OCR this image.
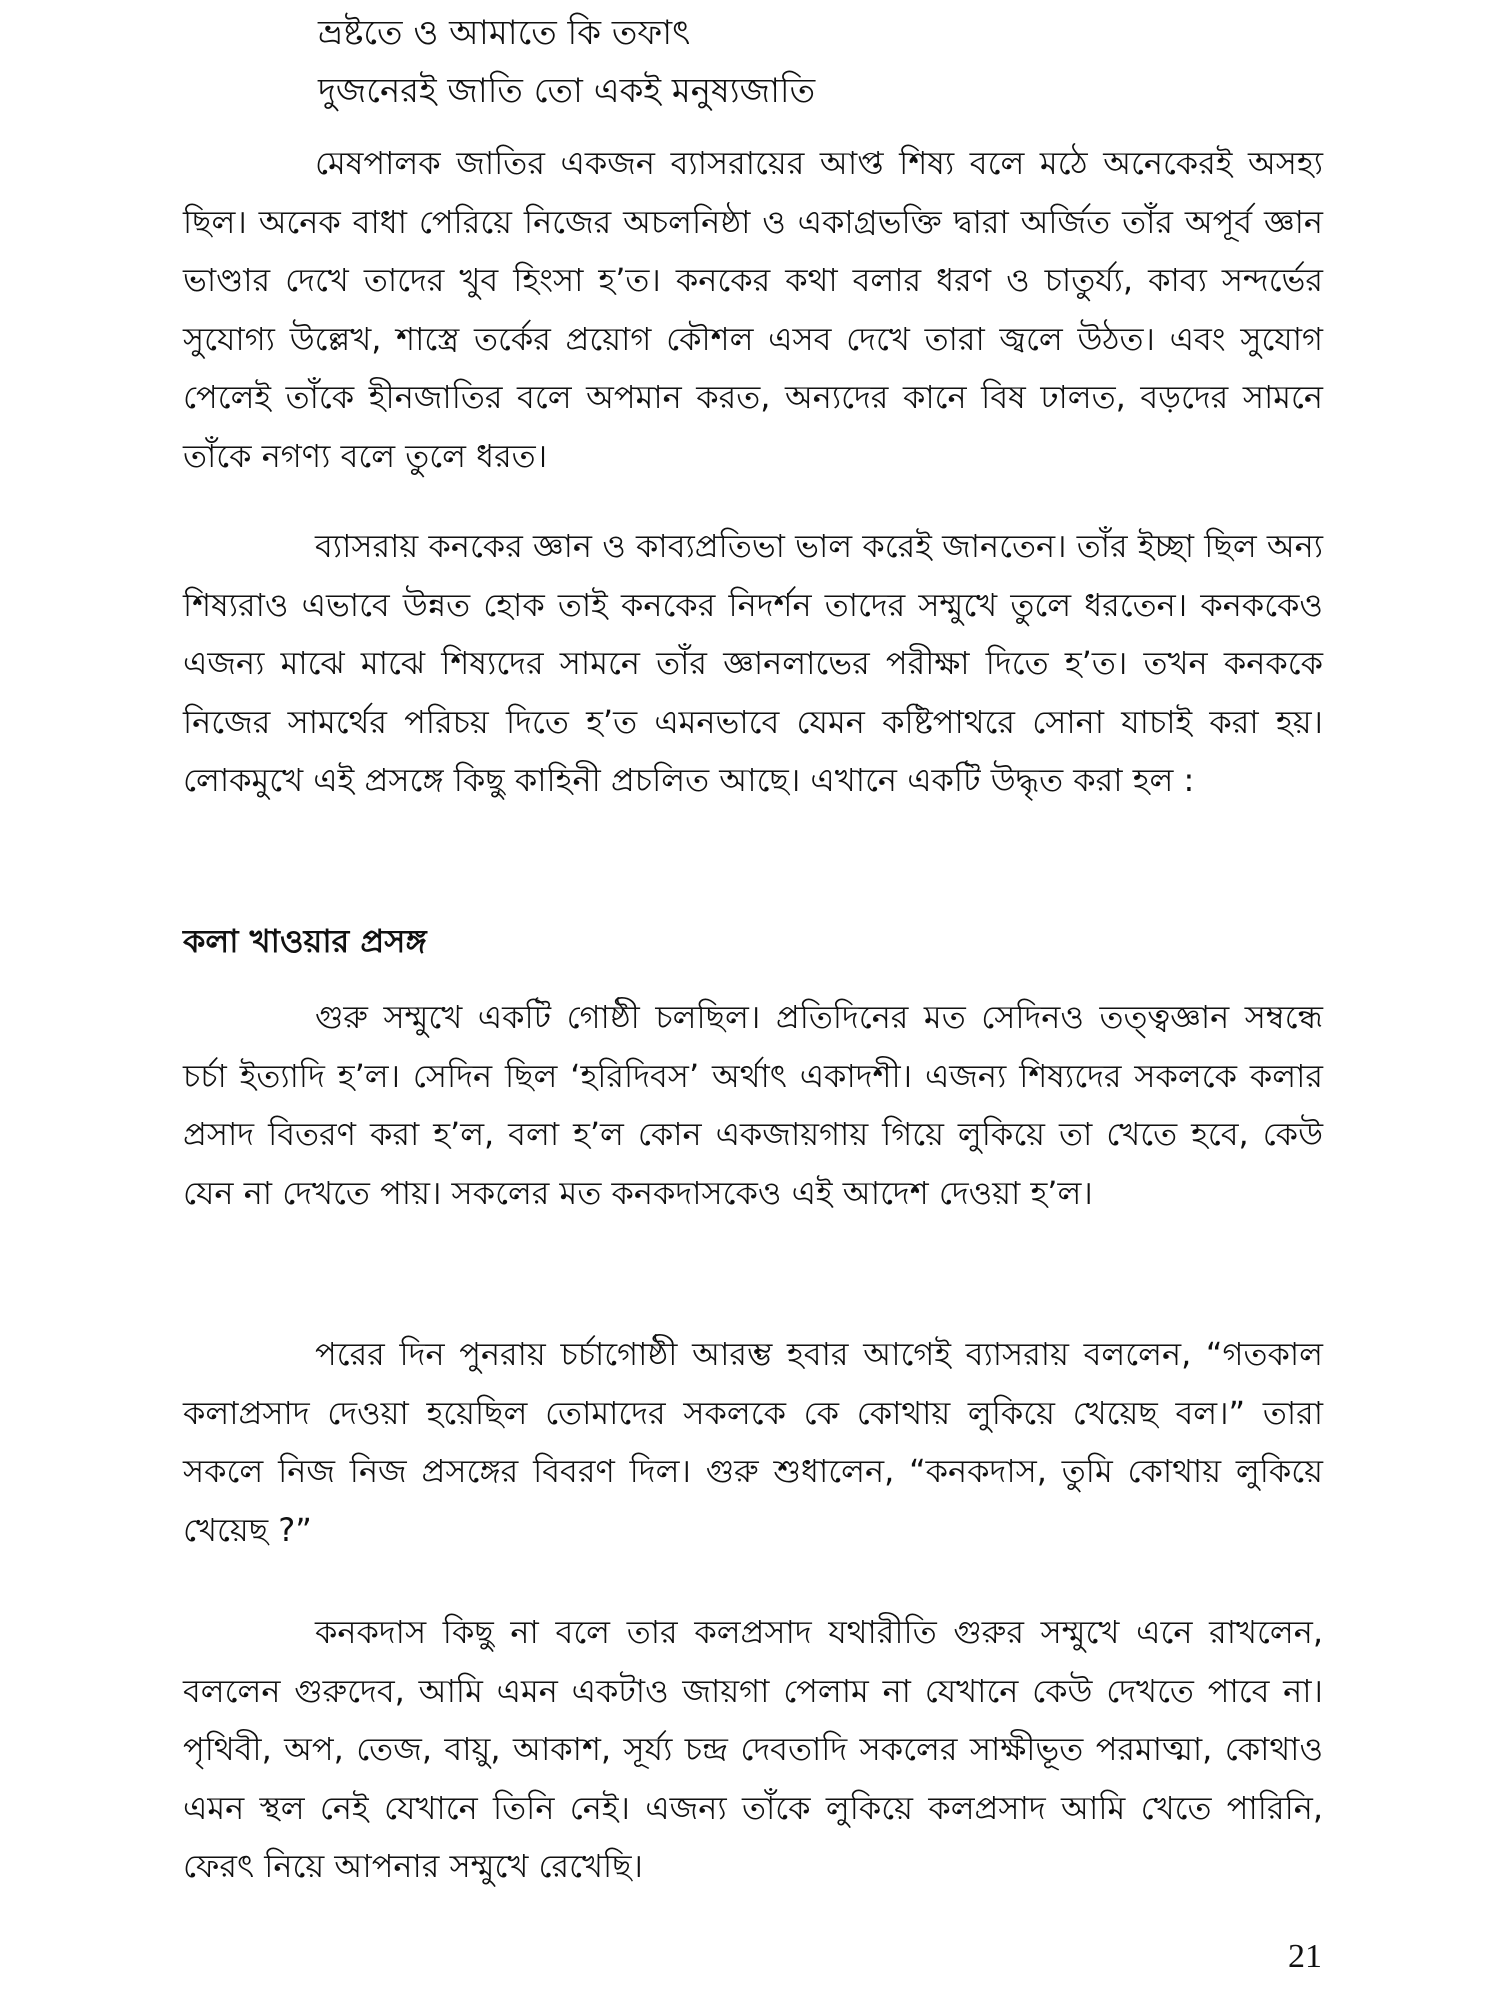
ভ্রষ্টতে ও আমাতে কি তফাৎ
দুজনেরই জাতি তো একই মনুষ্যজাতি

মেষপালক জাতির একজন ব্যাসরায়ের আপ্ত শিষ্য বলে মঠে অনেকেরই অসহ্য ছিল। অনেক বাধা পেরিয়ে নিজের অচলনিষ্ঠা ও একাগ্রভক্তি দ্বারা অর্জিত তাঁর অপূর্ব জ্ঞান ভাণ্ডার দেখে তাদের খুব হিংসা হ’ত। কনকের কথা বলার ধরণ ও চাতুর্য্য, কাব্য সন্দর্ভের সুযোগ্য উল্লেখ, শাস্ত্রে তর্কের প্রয়োগ কৌশল এসব দেখে তারা জ্বলে উঠত। এবং সুযোগ পেলেই তাঁকে হীনজাতির বলে অপমান করত, অন্যদের কানে বিষ ঢালত, বড়দের সামনে তাঁকে নগণ্য বলে তুলে ধরত।

ব্যাসরায় কনকের জ্ঞান ও কাব্যপ্রতিভা ভাল করেই জানতেন। তাঁর ইচ্ছা ছিল অন্য শিষ্যরাও এভাবে উন্নত হোক তাই কনকের নিদর্শন তাদের সম্মুখে তুলে ধরতেন। কনককেও এজন্য মাঝে মাঝে শিষ্যদের সামনে তাঁর জ্ঞানলাভের পরীক্ষা দিতে হ’ত। তখন কনককে নিজের সামর্থের পরিচয় দিতে হ’ত এমনভাবে যেমন কষ্টিপাথরে সোনা যাচাই করা হয়। লোকমুখে এই প্রসঙ্গে কিছু কাহিনী প্রচলিত আছে। এখানে একটি উদ্ধৃত করা হল :

কলা খাওয়ার প্রসঙ্গ

গুরু সম্মুখে একটি গোষ্ঠী চলছিল। প্রতিদিনের মত সেদিনও তত্ত্বজ্ঞান সম্বন্ধে চর্চা ইত্যাদি হ’ল। সেদিন ছিল ‘হরিদিবস’ অর্থাৎ একাদশী। এজন্য শিষ্যদের সকলকে কলার প্রসাদ বিতরণ করা হ’ল, বলা হ’ল কোন একজায়গায় গিয়ে লুকিয়ে তা খেতে হবে, কেউ যেন না দেখতে পায়। সকলের মত কনকদাসকেও এই আদেশ দেওয়া হ’ল।

পরের দিন পুনরায় চর্চাগোষ্ঠী আরম্ভ হবার আগেই ব্যাসরায় বললেন, “গতকাল কলাপ্রসাদ দেওয়া হয়েছিল তোমাদের সকলকে কে কোথায় লুকিয়ে খেয়েছ বল।” তারা সকলে নিজ নিজ প্রসঙ্গের বিবরণ দিল। গুরু শুধালেন, “কনকদাস, তুমি কোথায় লুকিয়ে খেয়েছ ?”

কনকদাস কিছু না বলে তার কলপ্রসাদ যথারীতি গুরুর সম্মুখে এনে রাখলেন, বললেন গুরুদেব, আমি এমন একটাও জায়গা পেলাম না যেখানে কেউ দেখতে পাবে না। পৃথিবী, অপ, তেজ, বায়ু, আকাশ, সূর্য্য চন্দ্র দেবতাদি সকলের সাক্ষীভূত পরমাত্মা, কোথাও এমন স্থল নেই যেখানে তিনি নেই। এজন্য তাঁকে লুকিয়ে কলপ্রসাদ আমি খেতে পারিনি, ফেরৎ নিয়ে আপনার সম্মুখে রেখেছি।

21
